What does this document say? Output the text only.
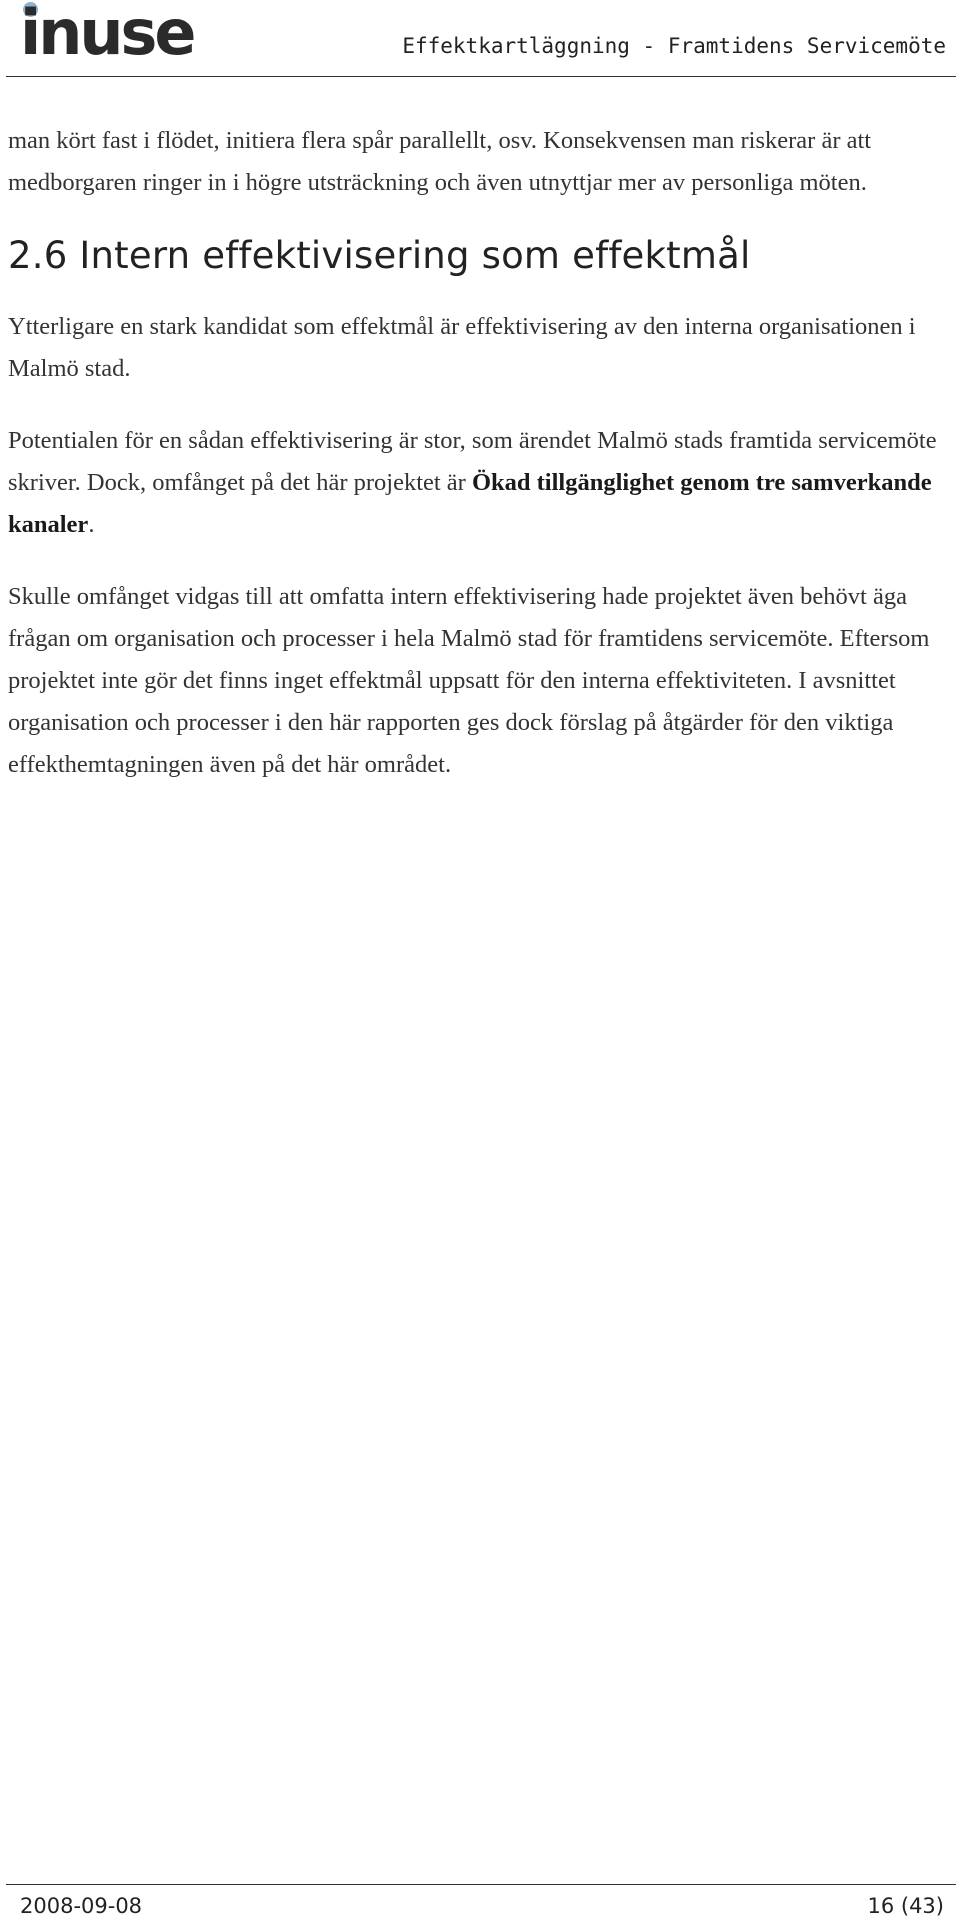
inuse	Effektkartläggning - Framtidens Servicemöte

man kört fast i flödet, initiera flera spår parallellt, osv. Konsekvensen man riskerar är att medborgaren ringer in i högre utsträckning och även utnyttjar mer av personliga möten.

2.6 Intern effektivisering som effektmål

Ytterligare en stark kandidat som effektmål är effektivisering av den interna organisationen i Malmö stad.

Potentialen för en sådan effektivisering är stor, som ärendet Malmö stads framtida servicemöte skriver. Dock, omfånget på det här projektet är Ökad tillgänglighet genom tre samverkande kanaler.

Skulle omfånget vidgas till att omfatta intern effektivisering hade projektet även behövt äga frågan om organisation och processer i hela Malmö stad för framtidens servicemöte. Eftersom projektet inte gör det finns inget effektmål uppsatt för den interna effektiviteten. I avsnittet organisation och processer i den här rapporten ges dock förslag på åtgärder för den viktiga effekthemtagningen även på det här området.

2008-09-08	16 (43)
